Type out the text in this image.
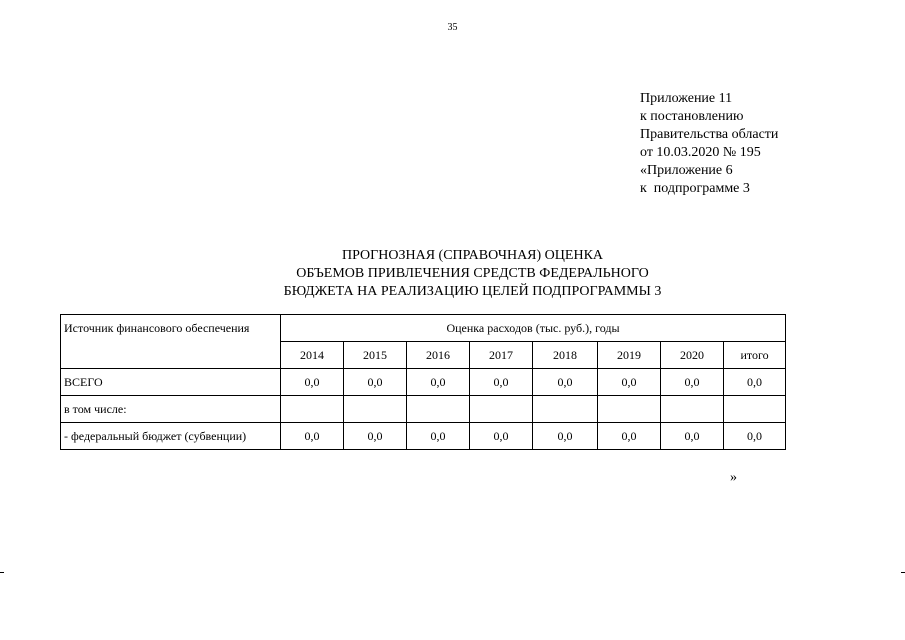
35
Приложение 11
к постановлению
Правительства области
от 10.03.2020 № 195
«Приложение 6
к  подпрограмме 3
ПРОГНОЗНАЯ (СПРАВОЧНАЯ) ОЦЕНКА
ОБЪЕМОВ ПРИВЛЕЧЕНИЯ СРЕДСТВ ФЕДЕРАЛЬНОГО
БЮДЖЕТА НА РЕАЛИЗАЦИЮ ЦЕЛЕЙ ПОДПРОГРАММЫ 3
Источник финансового обеспечения	Оценка расходов (тыс. руб.), годы							
	2014	2015	2016	2017	2018	2019	2020	итого
ВСЕГО	0,0	0,0	0,0	0,0	0,0	0,0	0,0	0,0
в том числе:								
- федеральный бюджет (субвенции)	0,0	0,0	0,0	0,0	0,0	0,0	0,0	0,0
»
